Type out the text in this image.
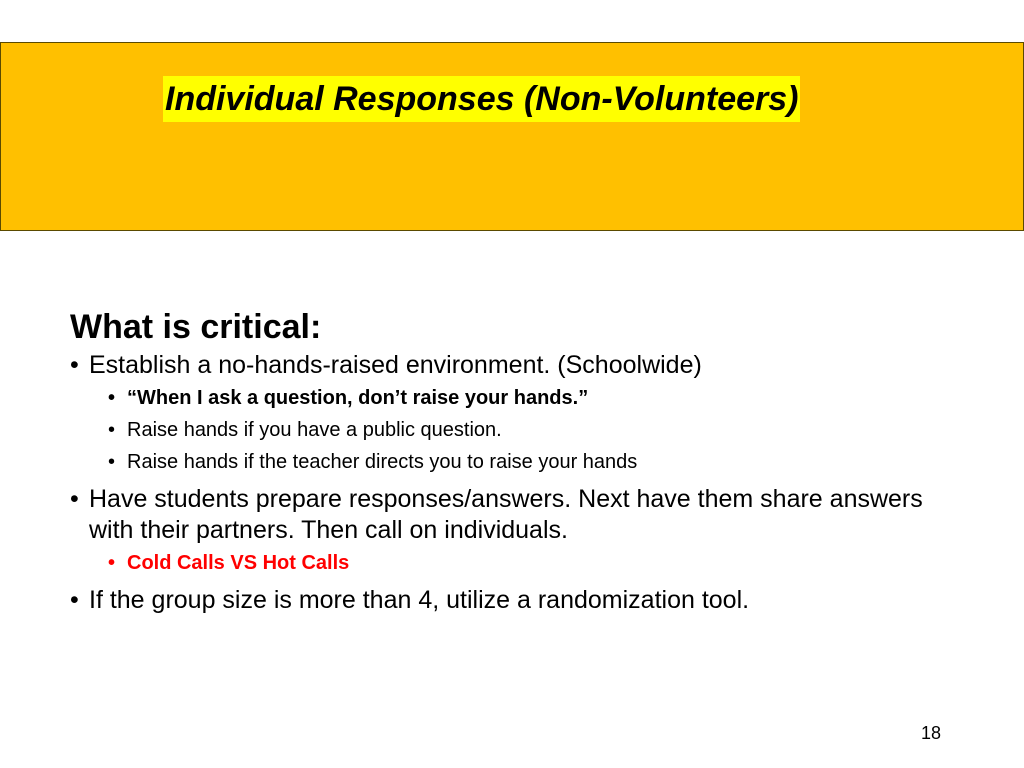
Individual Responses (Non-Volunteers)
What is critical:
• Establish a no-hands-raised environment. (Schoolwide)
• “When I ask a question, don’t raise your hands.”
• Raise hands if you have a public question.
• Raise hands if the teacher directs you to raise your hands
• Have students prepare responses/answers. Next have them share answers with their partners. Then call on individuals.
• Cold Calls VS Hot Calls
• If the group size is more than 4, utilize a randomization tool.
18
